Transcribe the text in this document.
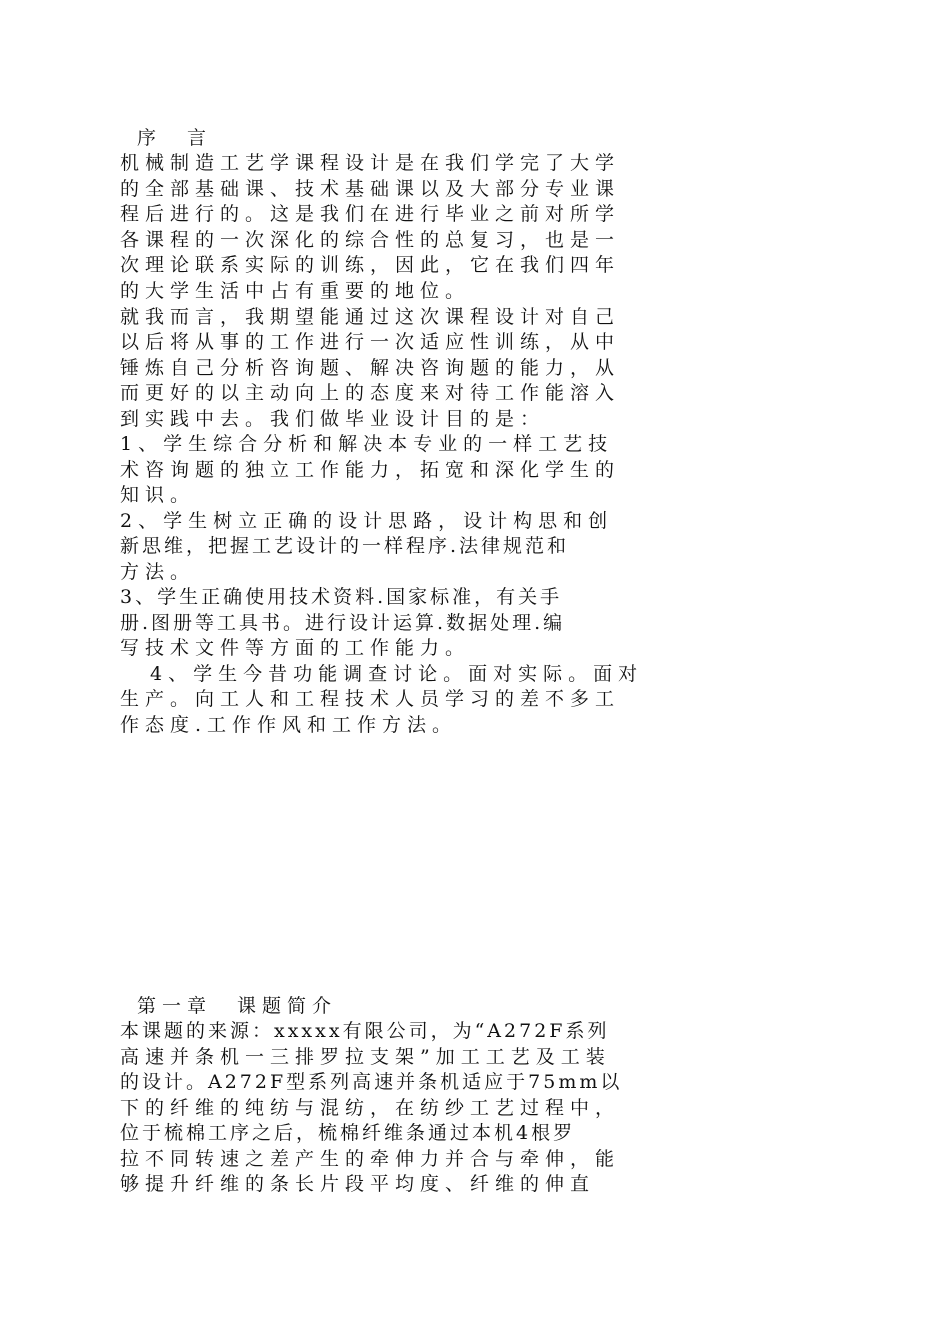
序　言
机械制造工艺学课程设计是在我们学完了大学
的全部基础课、技术基础课以及大部分专业课
程后进行的。这是我们在进行毕业之前对所学
各课程的一次深化的综合性的总复习，也是一
次理论联系实际的训练，因此，它在我们四年
的大学生活中占有重要的地位。
就我而言，我期望能通过这次课程设计对自己
以后将从事的工作进行一次适应性训练，从中
锤炼自己分析咨询题、解决咨询题的能力，从
而更好的以主动向上的态度来对待工作能溶入
到实践中去。我们做毕业设计目的是：
1、学生综合分析和解决本专业的一样工艺技
术咨询题的独立工作能力，拓宽和深化学生的
知识。
2、学生树立正确的设计思路，设计构思和创
新思维，把握工艺设计的一样程序.法律规范和
方法。
3、学生正确使用技术资料.国家标准，有关手
册.图册等工具书。进行设计运算.数据处理.编
写技术文件等方面的工作能力。
4、学生今昔功能调查讨论。面对实际。面对
生产。向工人和工程技术人员学习的差不多工
作态度.工作作风和工作方法。
第一章　课题简介
本课题的来源：xxxxx有限公司，为“A272F系列
高速并条机一三排罗拉支架”加工工艺及工装
的设计。A272F型系列高速并条机适应于75mm以
下的纤维的纯纺与混纺，在纺纱工艺过程中，
位于梳棉工序之后，梳棉纤维条通过本机4根罗
拉不同转速之差产生的牵伸力并合与牵伸，能
够提升纤维的条长片段平均度、纤维的伸直
